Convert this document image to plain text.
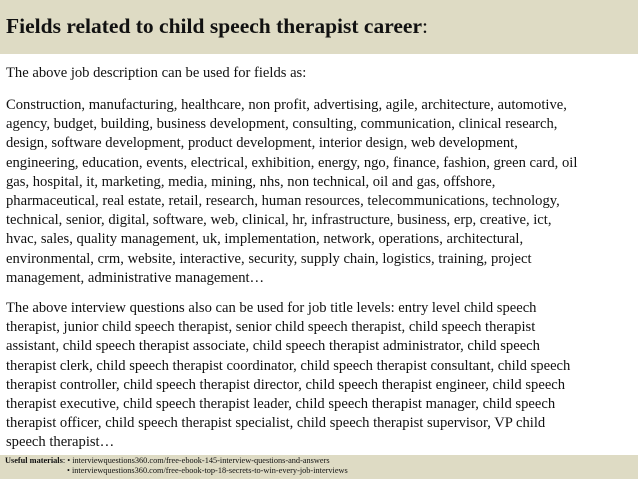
Fields related to child speech therapist career:

The above job description can be used for fields as:

Construction, manufacturing, healthcare, non profit, advertising, agile, architecture, automotive,
agency, budget, building, business development, consulting, communication, clinical research,
design, software development, product development, interior design, web development,
engineering, education, events, electrical, exhibition, energy, ngo, finance, fashion, green card, oil
gas, hospital, it, marketing, media, mining, nhs, non technical, oil and gas, offshore,
pharmaceutical, real estate, retail, research, human resources, telecommunications, technology,
technical, senior, digital, software, web, clinical, hr, infrastructure, business, erp, creative, ict,
hvac, sales, quality management, uk, implementation, network, operations, architectural,
environmental, crm, website, interactive, security, supply chain, logistics, training, project
management, administrative management…

The above interview questions also can be used for job title levels: entry level child speech
therapist, junior child speech therapist, senior child speech therapist, child speech therapist
assistant, child speech therapist associate, child speech therapist administrator, child speech
therapist clerk, child speech therapist coordinator, child speech therapist consultant, child speech
therapist controller, child speech therapist director, child speech therapist engineer, child speech
therapist executive, child speech therapist leader, child speech therapist manager, child speech
therapist officer, child speech therapist specialist, child speech therapist supervisor, VP child
speech therapist…

Useful materials: • interviewquestions360.com/free-ebook-145-interview-questions-and-answers

• interviewquestions360.com/free-ebook-top-18-secrets-to-win-every-job-interviews
